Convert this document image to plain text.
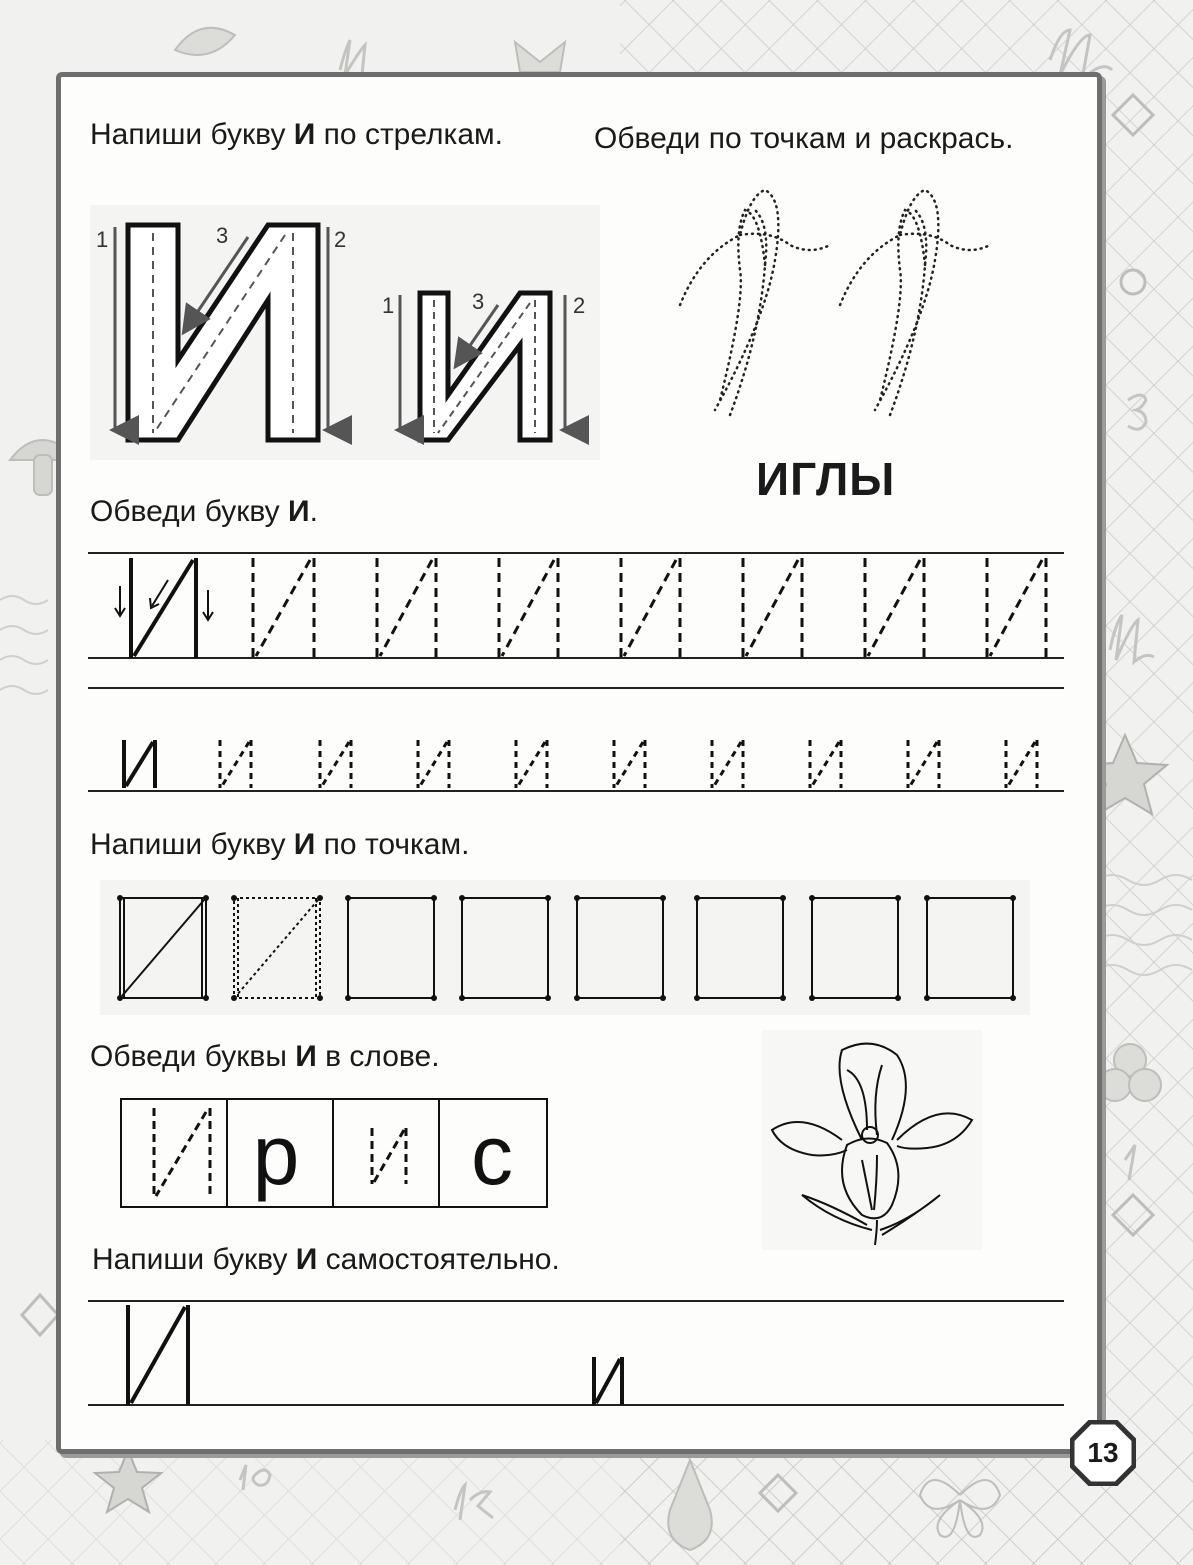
Напиши букву И по стрелкам.	Обведи по точкам и раскрась.
Обведи букву И.
Напиши букву И по точкам.
Обведи буквы И в слове.
Напиши букву И самостоятельно.
1	2
3
1	2
3
ИГЛЫ
р с
13
